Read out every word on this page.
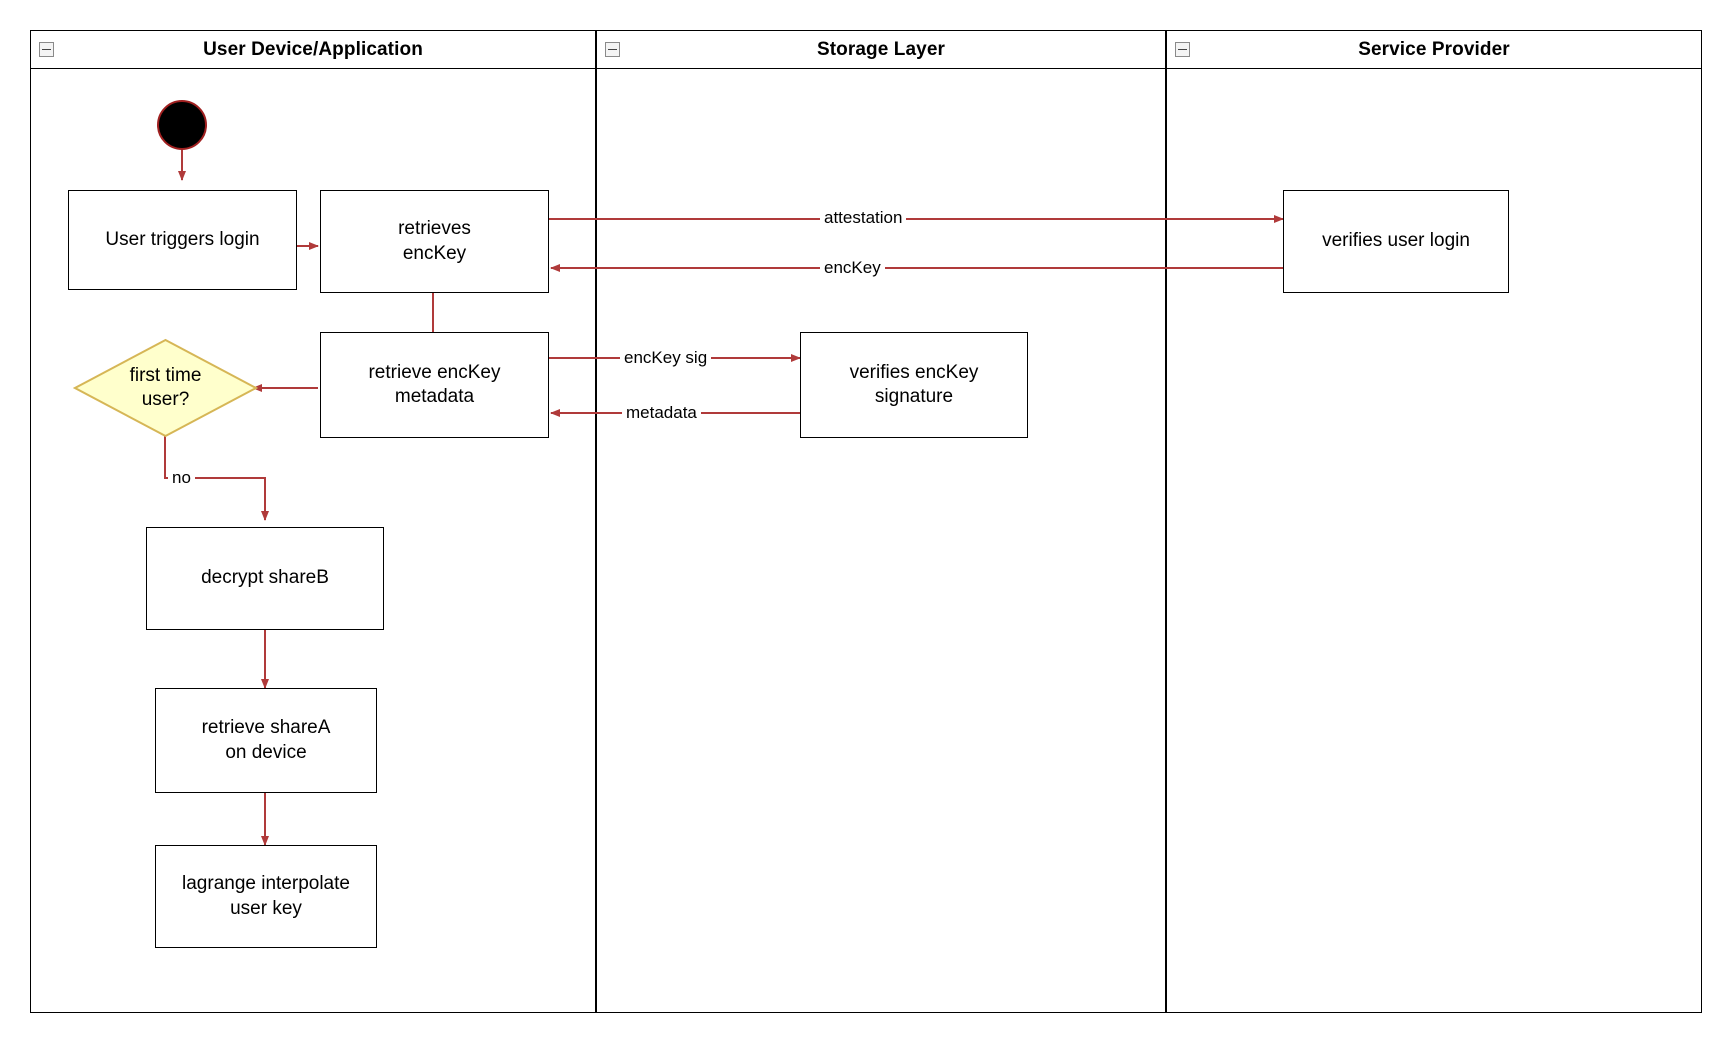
User Device/Application	Storage Layer	Service Provider
attestation
encKey
encKey sig
metadata
no
User triggers login
retrieves
encKey
retrieve encKey
metadata
first time
user?
decrypt shareB
retrieve shareA
on device
lagrange interpolate
user key
verifies encKey
signature
verifies user login
